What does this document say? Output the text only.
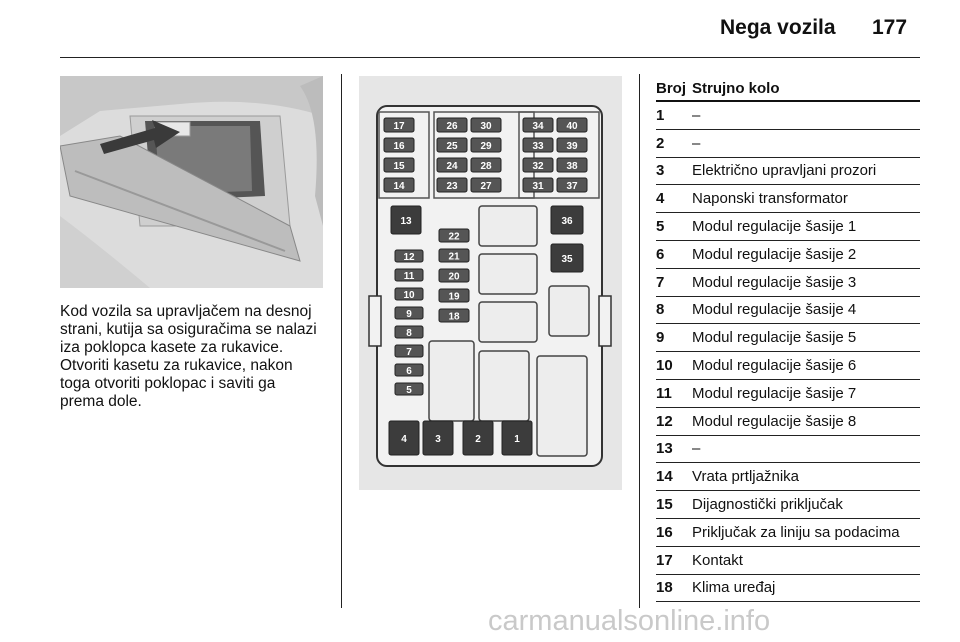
Nega vozila	177
Kod vozila sa upravljačem na desnoj
strani, kutija sa osiguračima se nalazi
iza poklopca kasete za rukavice.
Otvoriti kasetu za rukavice, nakon
toga otvoriti poklopac i saviti ga
prema dole.
17
16
15
14
26
25
24
23
30
29
28
27
34
33
32
31
40
39
38
37
13	36
35
12
11
10
9
8
7
6
5
22
21
20
19
18
4	3	2	1
Broj Strujno kolo
1	–
2	–
3	Električno upravljani prozori
4	Naponski transformator
5	Modul regulacije šasije 1
6	Modul regulacije šasije 2
7	Modul regulacije šasije 3
8	Modul regulacije šasije 4
9	Modul regulacije šasije 5
10	Modul regulacije šasije 6
11	Modul regulacije šasije 7
12	Modul regulacije šasije 8
13	–
14	Vrata prtljažnika
15	Dijagnostički priključak
16	Priključak za liniju sa podacima
17	Kontakt
18	Klima uređaj
carmanualsonline.info
